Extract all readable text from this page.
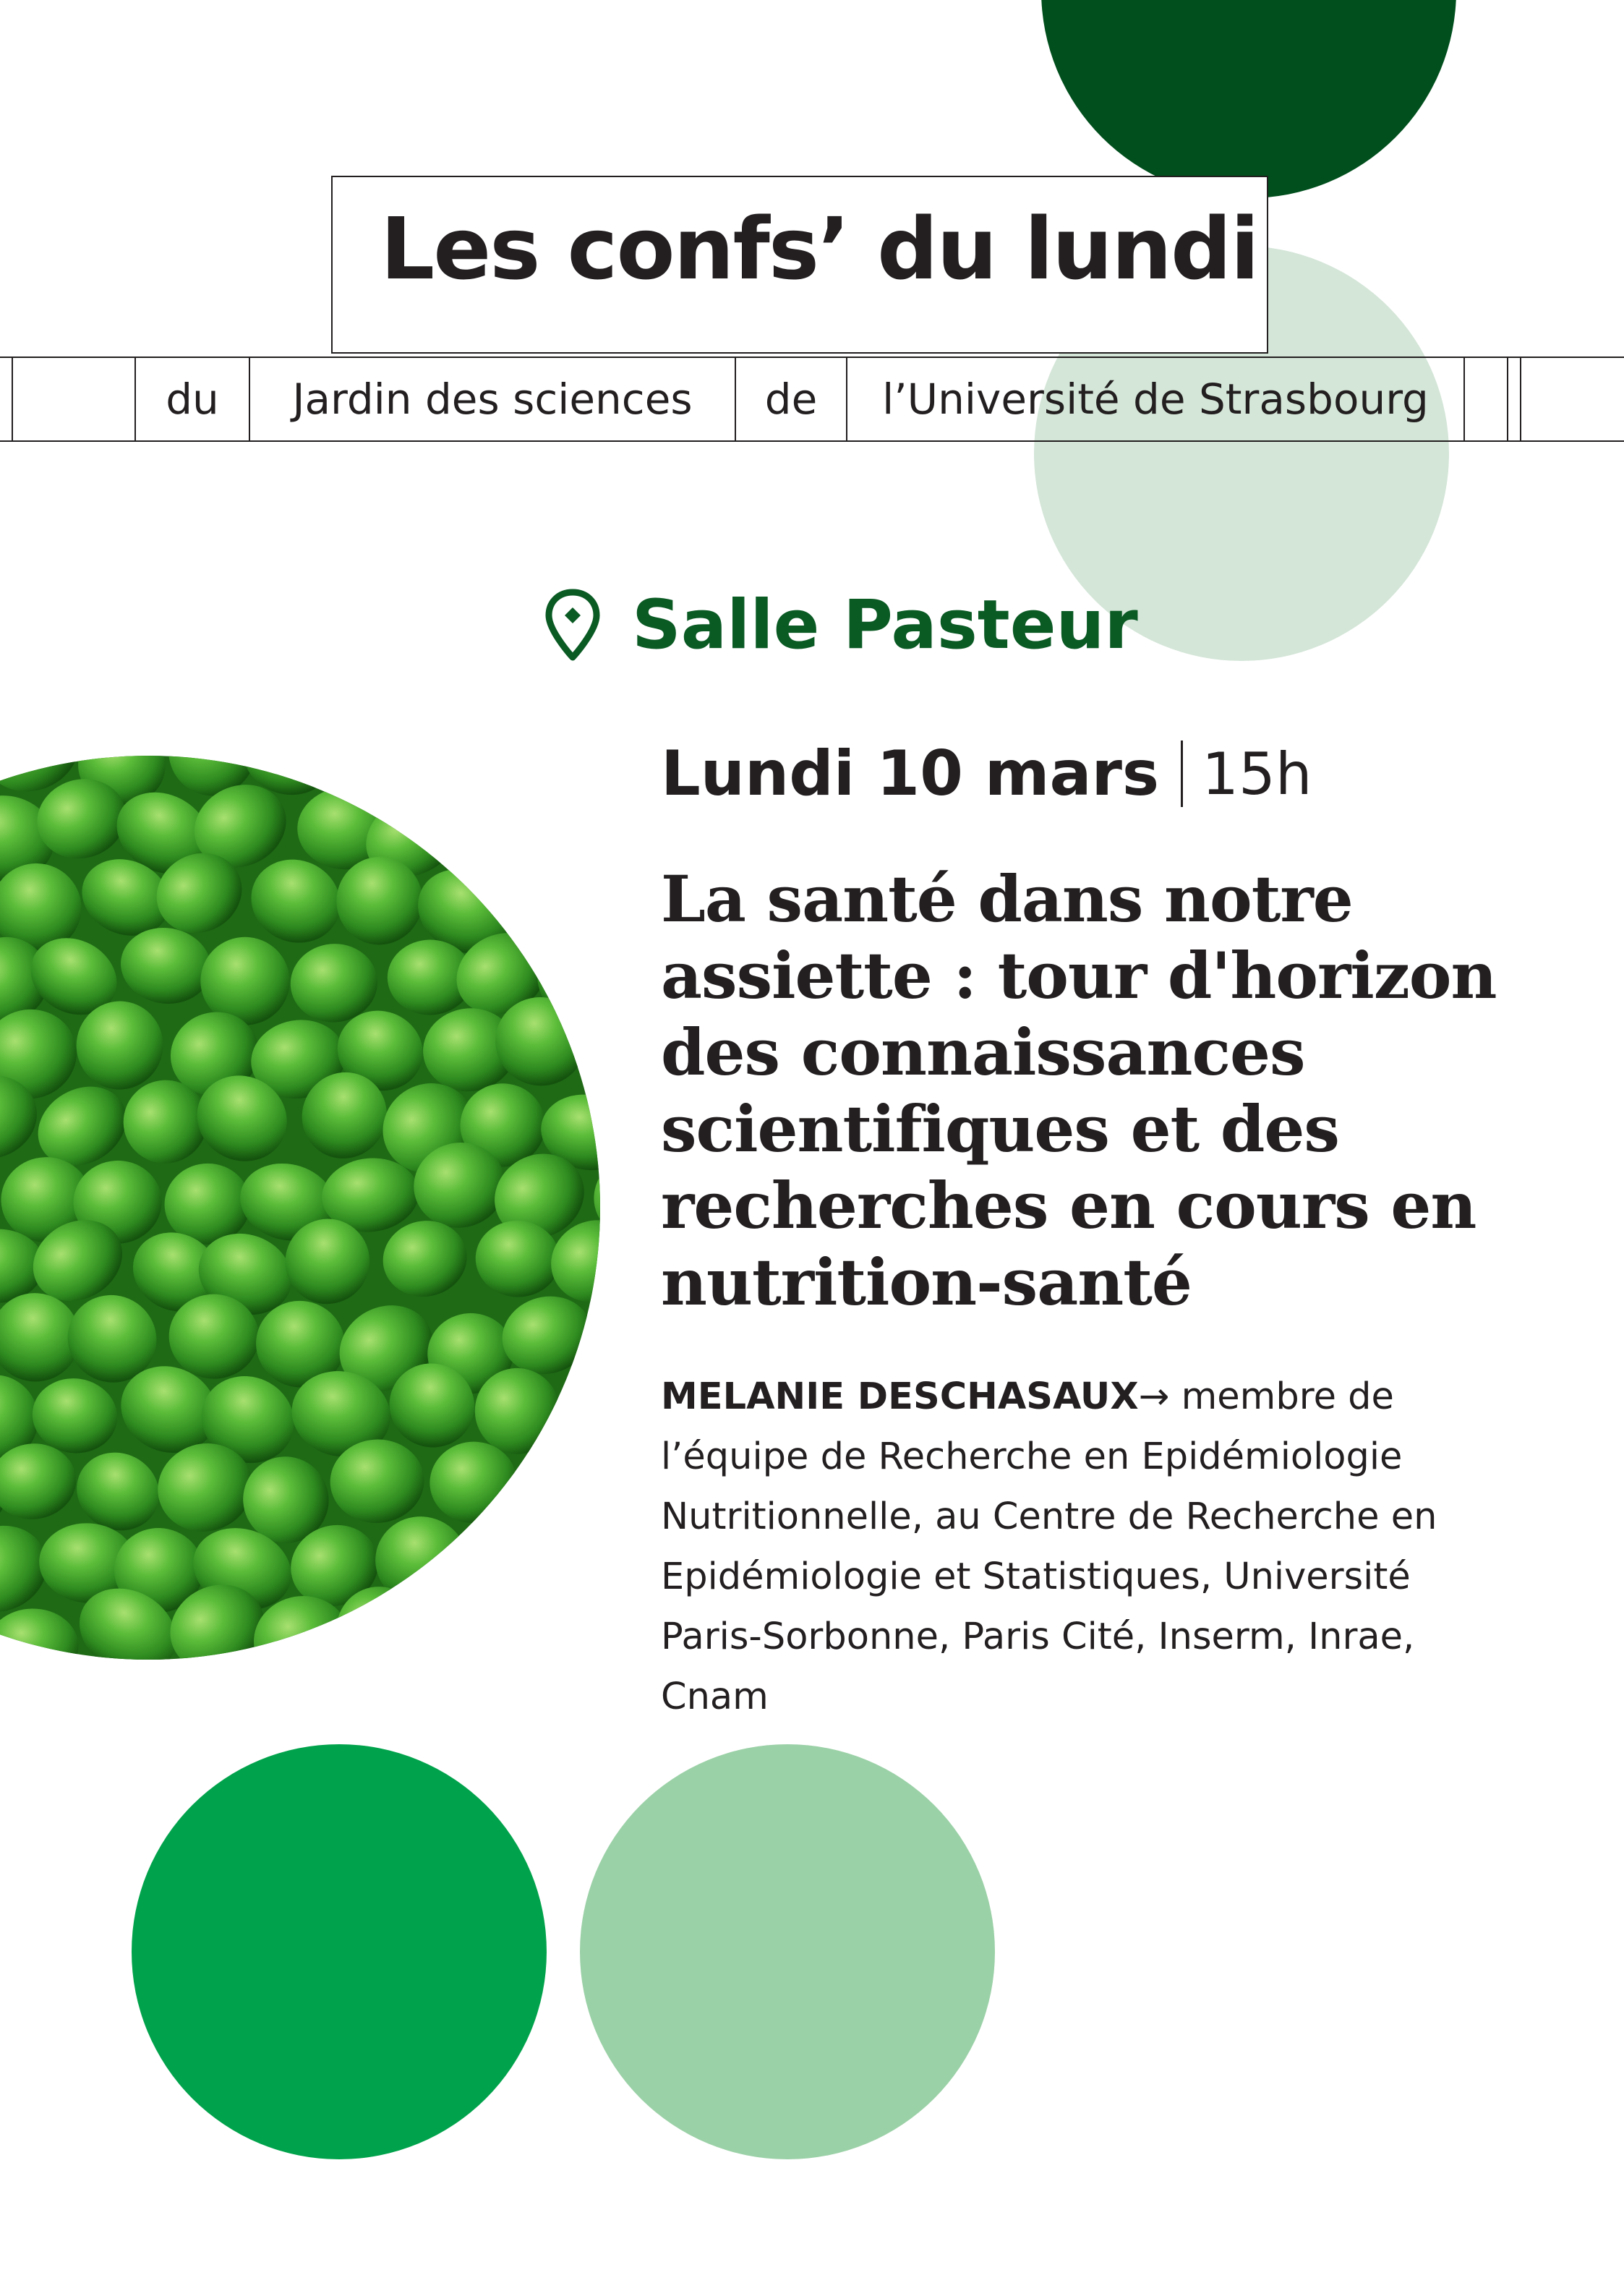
Les confs’ du lundi
du	Jardin des sciences	de	l’Université de Strasbourg
Salle Pasteur
Lundi 10 mars 15h
La santé dans notre assiette : tour d'horizon des connaissances scientifiques et des recherches en cours en nutrition-santé

MELANIE DESCHASAUX→ membre de l’équipe de Recherche en Epidémiologie Nutritionnelle, au Centre de Recherche en Epidémiologie et Statistiques, Université Paris-Sorbonne, Paris Cité, Inserm, Inrae, Cnam
